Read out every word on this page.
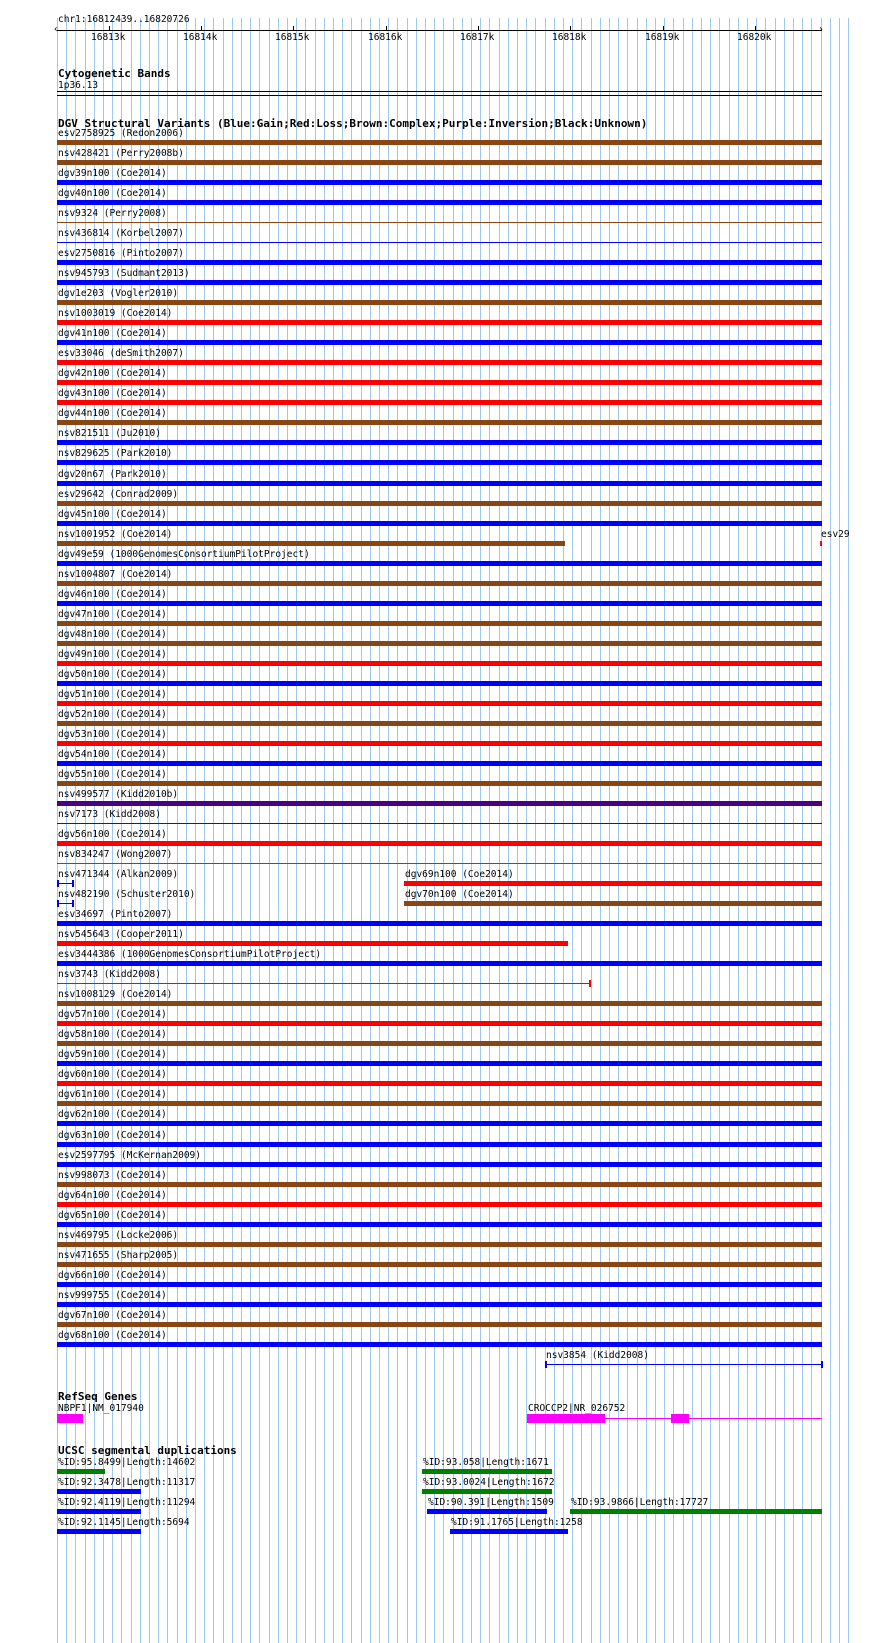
chr1:16812439..16820726
‹	›
16813k	16814k	16815k	16816k	16817k	16818k	16819k	16820k
Cytogenetic Bands
1p36.13
DGV Structural Variants (Blue:Gain;Red:Loss;Brown:Complex;Purple:Inversion;Black:Unknown)
esv2758925 (Redon2006)
nsv428421 (Perry2008b)
dgv39n100 (Coe2014)
dgv40n100 (Coe2014)
nsv9324 (Perry2008)
nsv436814 (Korbel2007)
esv2750816 (Pinto2007)
nsv945793 (Sudmant2013)
dgv1e203 (Vogler2010)
nsv1003019 (Coe2014)
dgv41n100 (Coe2014)
esv33046 (deSmith2007)
dgv42n100 (Coe2014)
dgv43n100 (Coe2014)
dgv44n100 (Coe2014)
nsv821511 (Ju2010)
nsv829625 (Park2010)
dgv20n67 (Park2010)
esv29642 (Conrad2009)
dgv45n100 (Coe2014)
nsv1001952 (Coe2014)	esv29
dgv49e59 (1000GenomesConsortiumPilotProject)
nsv1004807 (Coe2014)
dgv46n100 (Coe2014)
dgv47n100 (Coe2014)
dgv48n100 (Coe2014)
dgv49n100 (Coe2014)
dgv50n100 (Coe2014)
dgv51n100 (Coe2014)
dgv52n100 (Coe2014)
dgv53n100 (Coe2014)
dgv54n100 (Coe2014)
dgv55n100 (Coe2014)
nsv499577 (Kidd2010b)
nsv7173 (Kidd2008)
dgv56n100 (Coe2014)
nsv834247 (Wong2007)
nsv471344 (Alkan2009)	dgv69n100 (Coe2014)
nsv482190 (Schuster2010)	dgv70n100 (Coe2014)
esv34697 (Pinto2007)
nsv545643 (Cooper2011)
esv3444386 (1000GenomesConsortiumPilotProject)
nsv3743 (Kidd2008)
nsv1008129 (Coe2014)
dgv57n100 (Coe2014)
dgv58n100 (Coe2014)
dgv59n100 (Coe2014)
dgv60n100 (Coe2014)
dgv61n100 (Coe2014)
dgv62n100 (Coe2014)
dgv63n100 (Coe2014)
esv2597795 (McKernan2009)
nsv998073 (Coe2014)
dgv64n100 (Coe2014)
dgv65n100 (Coe2014)
nsv469795 (Locke2006)
nsv471655 (Sharp2005)
dgv66n100 (Coe2014)
nsv999755 (Coe2014)
dgv67n100 (Coe2014)
dgv68n100 (Coe2014)
nsv3854 (Kidd2008)
RefSeq Genes
NBPF1|NM_017940	CROCCP2|NR_026752
UCSC segmental duplications
%ID:95.8499|Length:14602	%ID:93.058|Length:1671
%ID:92.3478|Length:11317	%ID:93.0024|Length:1672
%ID:92.4119|Length:11294	%ID:90.391|Length:1509 %ID:93.9866|Length:17727
%ID:92.1145|Length:5694	%ID:91.1765|Length:1258
